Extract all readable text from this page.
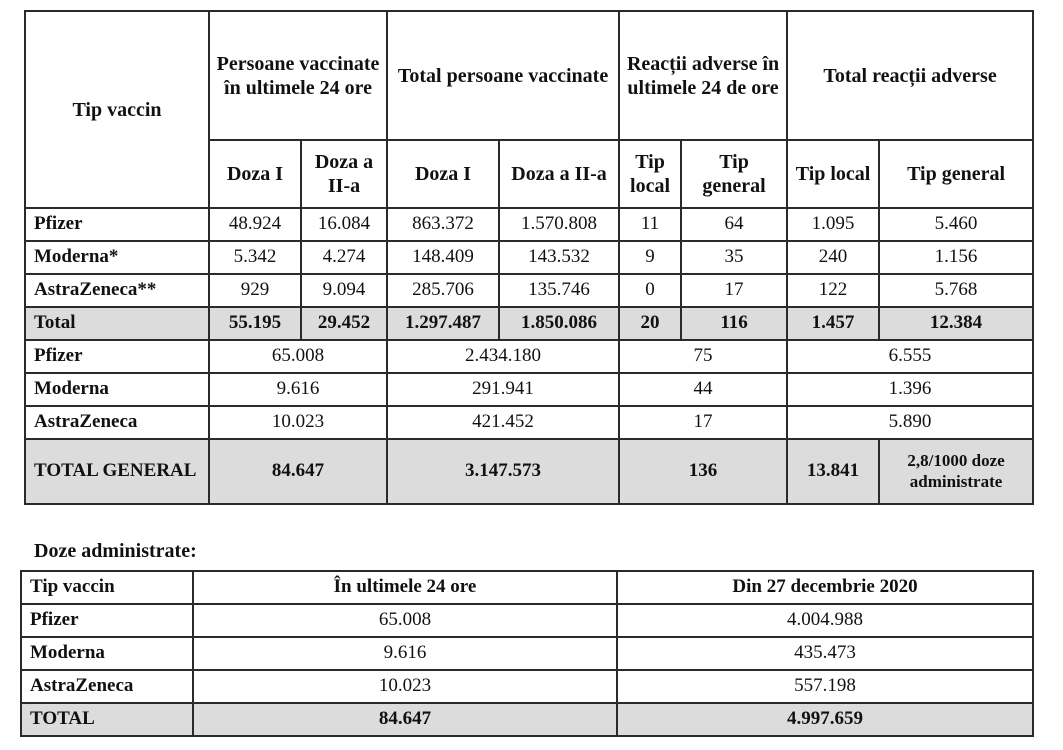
Tip vaccin	Persoane vaccinate în ultimele 24 ore		Total persoane vaccinate		Reacții adverse în ultimele 24 de ore		Total reacții adverse	
	Doza I	Doza a II-a	Doza I	Doza a II-a	Tip local	Tip general	Tip local	Tip general
Pfizer	48.924	16.084	863.372	1.570.808	11	64	1.095	5.460
Moderna*	5.342	4.274	148.409	143.532	9	35	240	1.156
AstraZeneca**	929	9.094	285.706	135.746	0	17	122	5.768
Total	55.195	29.452	1.297.487	1.850.086	20	116	1.457	12.384
Pfizer	65.008		2.434.180		75		6.555	
Moderna	9.616		291.941		44		1.396	
AstraZeneca	10.023		421.452		17		5.890	
TOTAL GENERAL	84.647		3.147.573		136		13.841	2,8/1000 doze administrate
Doze administrate:
Tip vaccin	În ultimele 24 ore	Din 27 decembrie 2020
Pfizer	65.008	4.004.988
Moderna	9.616	435.473
AstraZeneca	10.023	557.198
TOTAL	84.647	4.997.659
